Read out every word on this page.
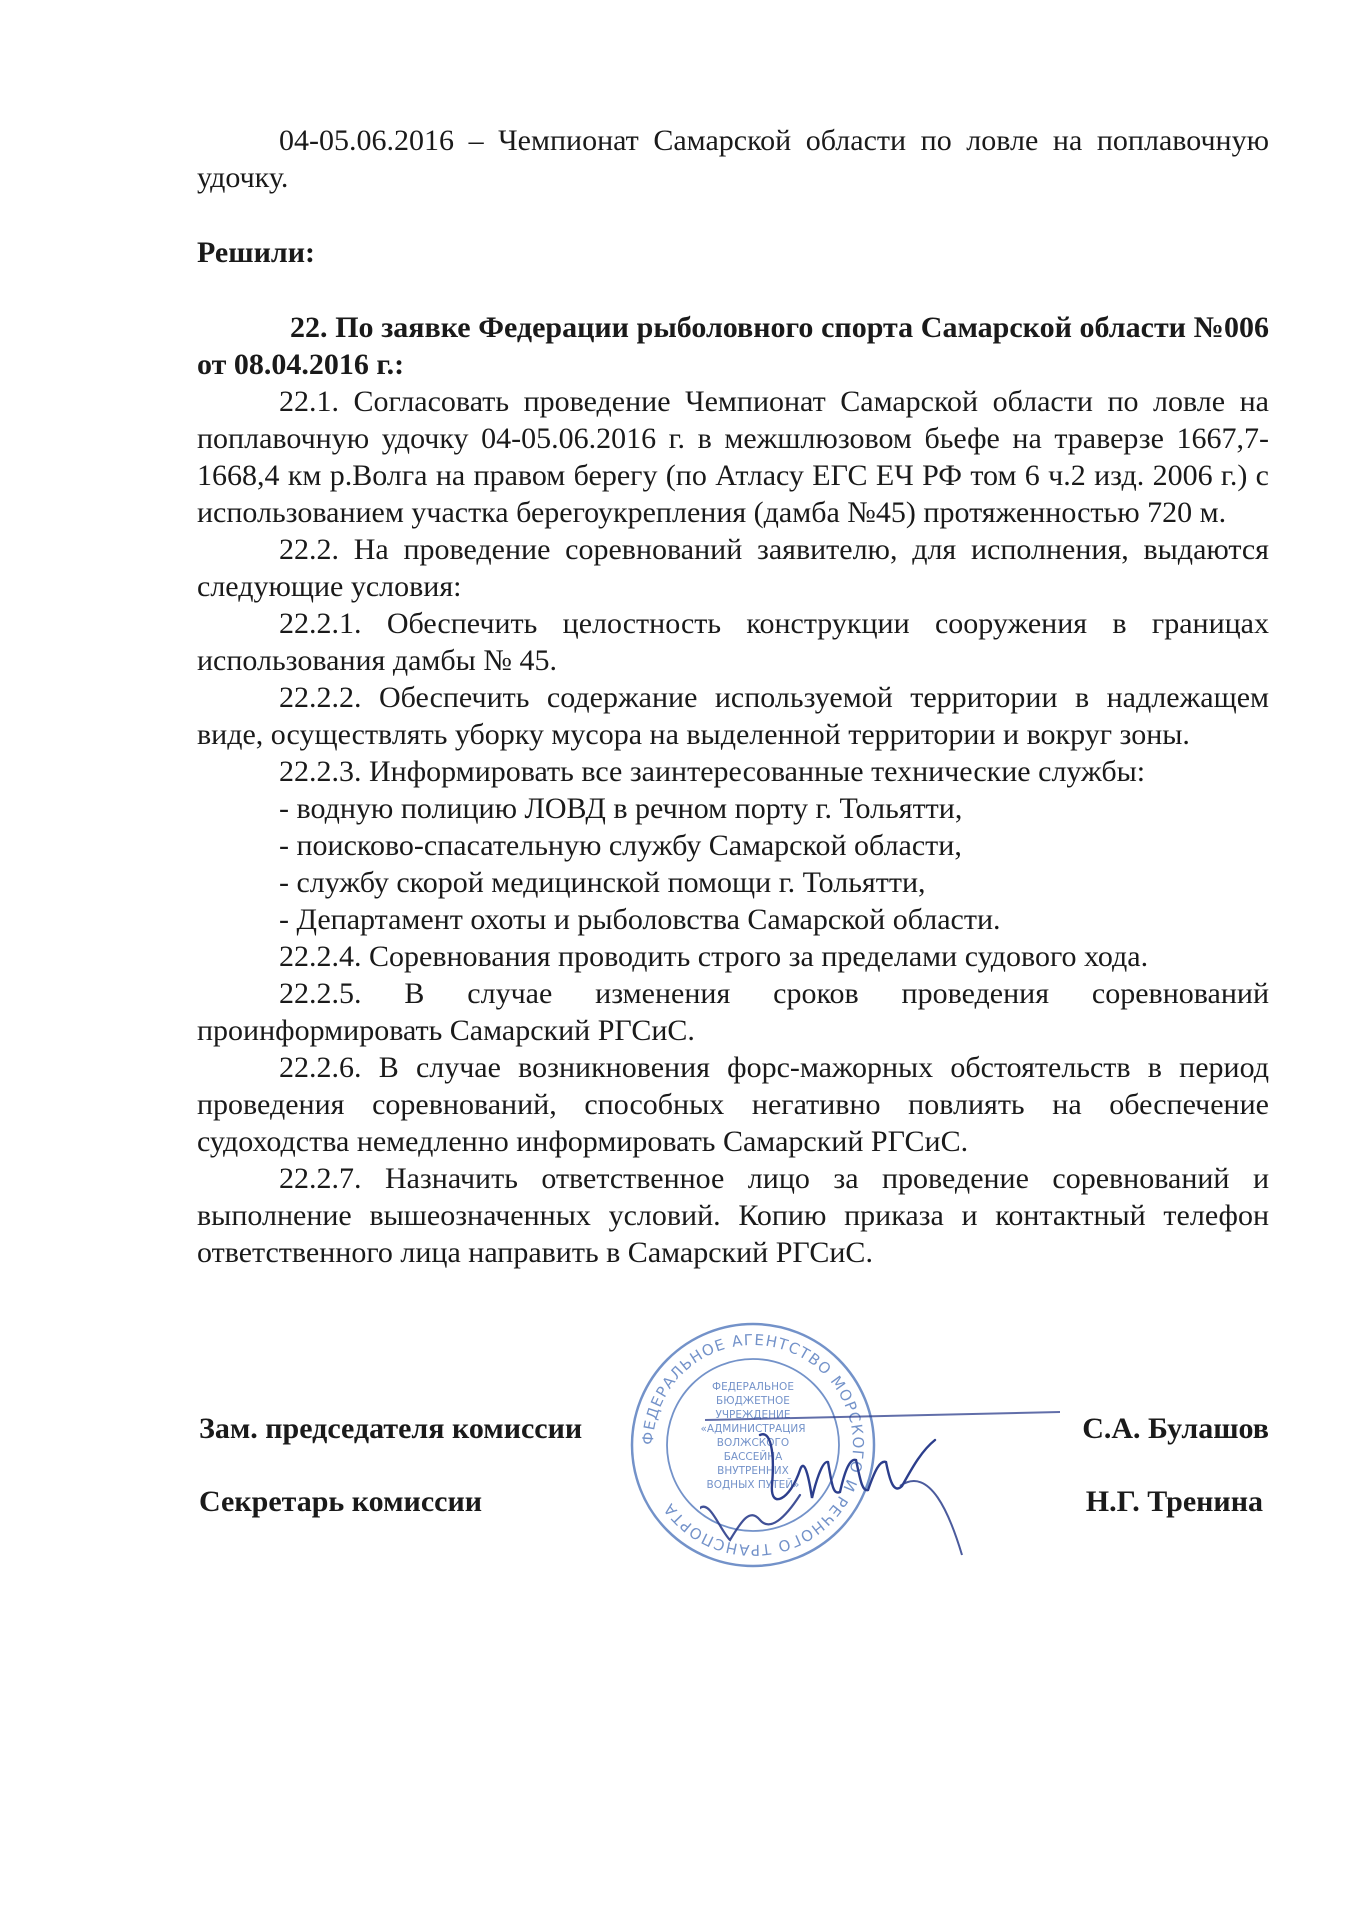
04-05.06.2016 – Чемпионат Самарской области по ловле на поплавочную удочку.

Решили:

22. По заявке Федерации рыболовного спорта Самарской области №006 от 08.04.2016 г.:

22.1. Согласовать проведение Чемпионат Самарской области по ловле на поплавочную удочку 04-05.06.2016 г. в межшлюзовом бьефе на траверзе 1667,7-1668,4 км р.Волга на правом берегу (по Атласу ЕГС ЕЧ РФ том 6 ч.2 изд. 2006 г.) с использованием участка берегоукрепления (дамба №45) протяженностью 720 м.

22.2. На проведение соревнований заявителю, для исполнения, выдаются следующие условия:

22.2.1. Обеспечить целостность конструкции сооружения в границах использования дамбы № 45.

22.2.2. Обеспечить содержание используемой территории в надлежащем виде, осуществлять уборку мусора на выделенной территории и вокруг зоны.

22.2.3. Информировать все заинтересованные технические службы:

- водную полицию ЛОВД в речном порту г. Тольятти,

- поисково-спасательную службу Самарской области,

- службу скорой медицинской помощи г. Тольятти,

- Департамент охоты и рыболовства Самарской области.

22.2.4. Соревнования проводить строго за пределами судового хода.

22.2.5. В случае изменения сроков проведения соревнований проинформировать Самарский РГСиС.

22.2.6. В случае возникновения форс-мажорных обстоятельств в период проведения соревнований, способных негативно повлиять на обеспечение судоходства немедленно информировать Самарский РГСиС.

22.2.7. Назначить ответственное лицо за проведение соревнований и выполнение вышеозначенных условий. Копию приказа и контактный телефон ответственного лица направить в Самарский РГСиС.

ФЕДЕРАЛЬНОЕ АГЕНТСТВО МОРСКОГО И РЕЧНОГО ТРАНСПОРТА
ФЕДЕРАЛЬНОЕ
БЮДЖЕТНОЕ
УЧРЕЖДЕНИЕ
«АДМИНИСТРАЦИЯ
ВОЛЖСКОГО
БАССЕЙНА
ВНУТРЕННИХ
ВОДНЫХ ПУТЕЙ»
Зам. председателя комиссии	С.А. Булашов
Секретарь комиссии	Н.Г. Тренина
